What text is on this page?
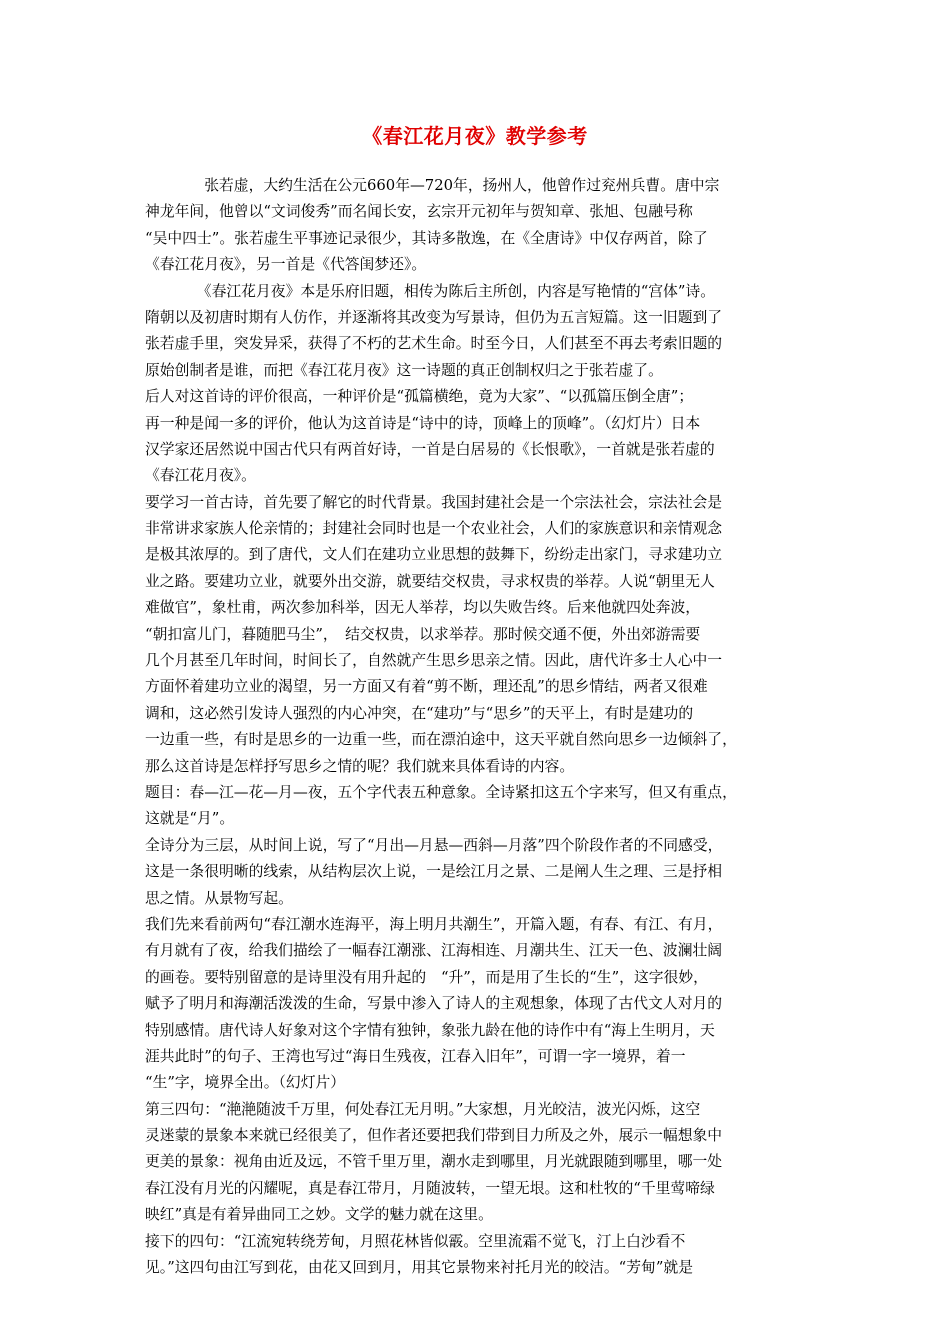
《春江花月夜》教学参考
　　　　张若虚，大约生活在公元660年—720年，扬州人，他曾作过兖州兵曹。唐中宗
神龙年间，他曾以“文词俊秀”而名闻长安，玄宗开元初年与贺知章、张旭、包融号称
“吴中四士”。张若虚生平事迹记录很少，其诗多散逸，在《全唐诗》中仅存两首，除了
《春江花月夜》，另一首是《代答闺梦还》。
　　　　《春江花月夜》本是乐府旧题，相传为陈后主所创，内容是写艳情的“宫体”诗。
隋朝以及初唐时期有人仿作，并逐渐将其改变为写景诗，但仍为五言短篇。这一旧题到了
张若虚手里，突发异采，获得了不朽的艺术生命。时至今日，人们甚至不再去考索旧题的
原始创制者是谁，而把《春江花月夜》这一诗题的真正创制权归之于张若虚了。
后人对这首诗的评价很高，一种评价是“孤篇横绝，竟为大家”、“以孤篇压倒全唐”；
再一种是闻一多的评价，他认为这首诗是“诗中的诗，顶峰上的顶峰”。（幻灯片）日本
汉学家还居然说中国古代只有两首好诗，一首是白居易的《长恨歌》，一首就是张若虚的
《春江花月夜》。
要学习一首古诗，首先要了解它的时代背景。我国封建社会是一个宗法社会，宗法社会是
非常讲求家族人伦亲情的；封建社会同时也是一个农业社会，人们的家族意识和亲情观念
是极其浓厚的。到了唐代，文人们在建功立业思想的鼓舞下，纷纷走出家门，寻求建功立
业之路。要建功立业，就要外出交游，就要结交权贵，寻求权贵的举荐。人说“朝里无人
难做官”，象杜甫，两次参加科举，因无人举荐，均以失败告终。后来他就四处奔波，
“朝扣富儿门，暮随肥马尘”，　结交权贵，以求举荐。那时候交通不便，外出郊游需要
几个月甚至几年时间，时间长了，自然就产生思乡思亲之情。因此，唐代许多士人心中一
方面怀着建功立业的渴望，另一方面又有着“剪不断，理还乱”的思乡情结，两者又很难
调和，这必然引发诗人强烈的内心冲突，在“建功”与“思乡”的天平上，有时是建功的
一边重一些，有时是思乡的一边重一些，而在漂泊途中，这天平就自然向思乡一边倾斜了，
那么这首诗是怎样抒写思乡之情的呢？我们就来具体看诗的内容。
题目：春—江—花—月—夜，五个字代表五种意象。全诗紧扣这五个字来写，但又有重点，
这就是“月”。
全诗分为三层，从时间上说，写了“月出—月悬—西斜—月落”四个阶段作者的不同感受，
这是一条很明晰的线索，从结构层次上说，一是绘江月之景、二是阐人生之理、三是抒相
思之情。从景物写起。
我们先来看前两句“春江潮水连海平，海上明月共潮生”，开篇入题，有春、有江、有月，
有月就有了夜，给我们描绘了一幅春江潮涨、江海相连、月潮共生、江天一色、波澜壮阔
的画卷。要特别留意的是诗里没有用升起的　“升”，而是用了生长的“生”，这字很妙，
赋予了明月和海潮活泼泼的生命，写景中渗入了诗人的主观想象，体现了古代文人对月的
特别感情。唐代诗人好象对这个字情有独钟，象张九龄在他的诗作中有“海上生明月，天
涯共此时”的句子、王湾也写过“海日生残夜，江春入旧年”，可谓一字一境界，着一
“生”字，境界全出。（幻灯片）
第三四句：“滟滟随波千万里，何处春江无月明。”大家想，月光皎洁，波光闪烁，这空
灵迷蒙的景象本来就已经很美了，但作者还要把我们带到目力所及之外，展示一幅想象中
更美的景象：视角由近及远，不管千里万里，潮水走到哪里，月光就跟随到哪里，哪一处
春江没有月光的闪耀呢，真是春江带月，月随波转，一望无垠。这和杜牧的“千里莺啼绿
映红”真是有着异曲同工之妙。文学的魅力就在这里。
接下的四句：“江流宛转绕芳甸，月照花林皆似霰。空里流霜不觉飞，汀上白沙看不
见。”这四句由江写到花，由花又回到月，用其它景物来衬托月光的皎洁。“芳甸”就是
